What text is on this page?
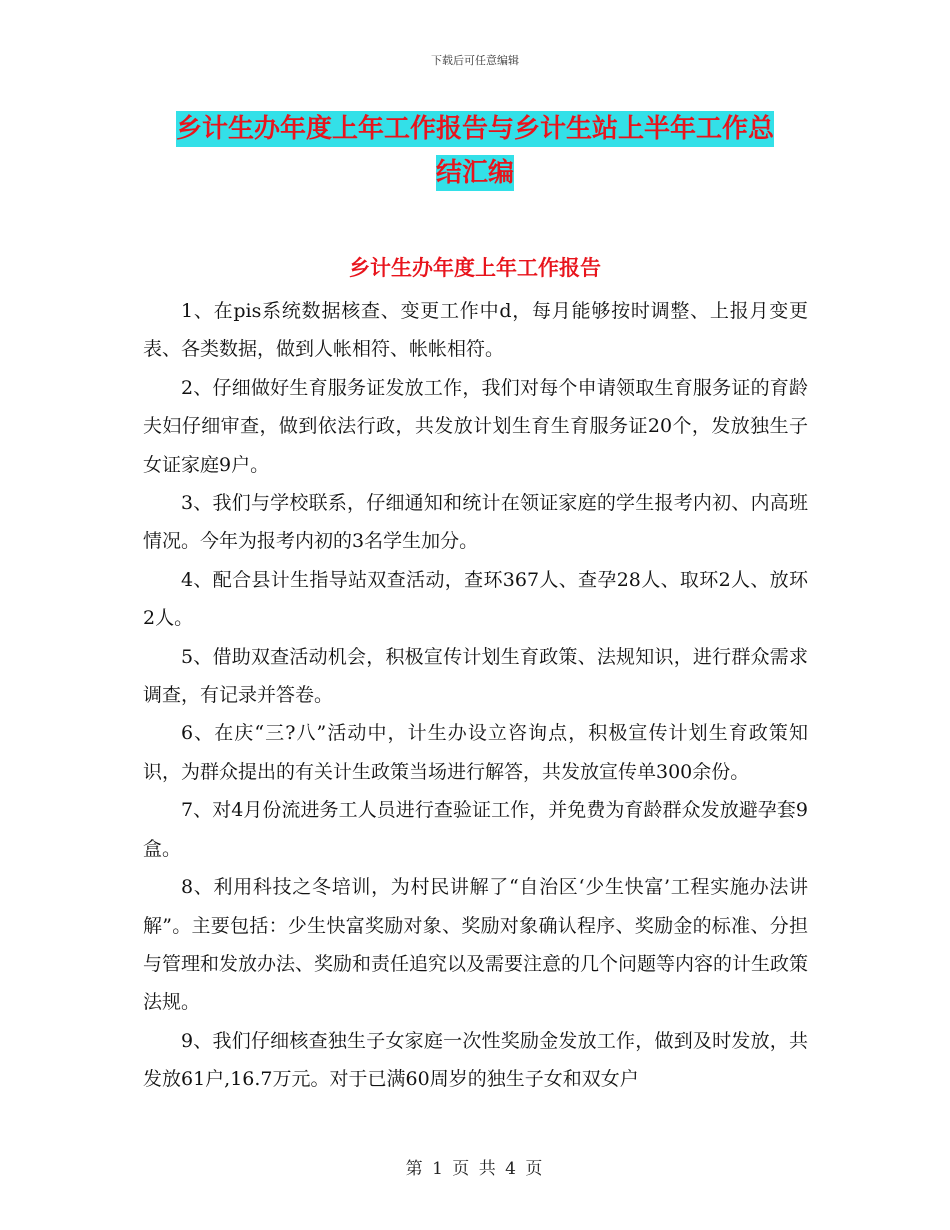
下载后可任意编辑
乡计生办年度上年工作报告与乡计生站上半年工作总
结汇编
乡计生办年度上年工作报告

1、在pis系统数据核查、变更工作中d，每月能够按时调整、上报月变更表、各类数据，做到人帐相符、帐帐相符。

2、仔细做好生育服务证发放工作，我们对每个申请领取生育服务证的育龄夫妇仔细审查，做到依法行政，共发放计划生育生育服务证20个，发放独生子女证家庭9户。

3、我们与学校联系，仔细通知和统计在领证家庭的学生报考内初、内高班情况。今年为报考内初的3名学生加分。

4、配合县计生指导站双查活动，查环367人、查孕28人、取环2人、放环2人。

5、借助双查活动机会，积极宣传计划生育政策、法规知识，进行群众需求调查，有记录并答卷。

6、在庆“三?八”活动中，计生办设立咨询点，积极宣传计划生育政策知识，为群众提出的有关计生政策当场进行解答，共发放宣传单300余份。

7、对4月份流进务工人员进行查验证工作，并免费为育龄群众发放避孕套9盒。

8、利用科技之冬培训，为村民讲解了“自治区‘少生快富’工程实施办法讲解”。主要包括：少生快富奖励对象、奖励对象确认程序、奖励金的标准、分担与管理和发放办法、奖励和责任追究以及需要注意的几个问题等内容的计生政策法规。

9、我们仔细核查独生子女家庭一次性奖励金发放工作，做到及时发放，共发放61户,16.7万元。对于已满60周岁的独生子女和双女户

第 1 页 共 4 页
